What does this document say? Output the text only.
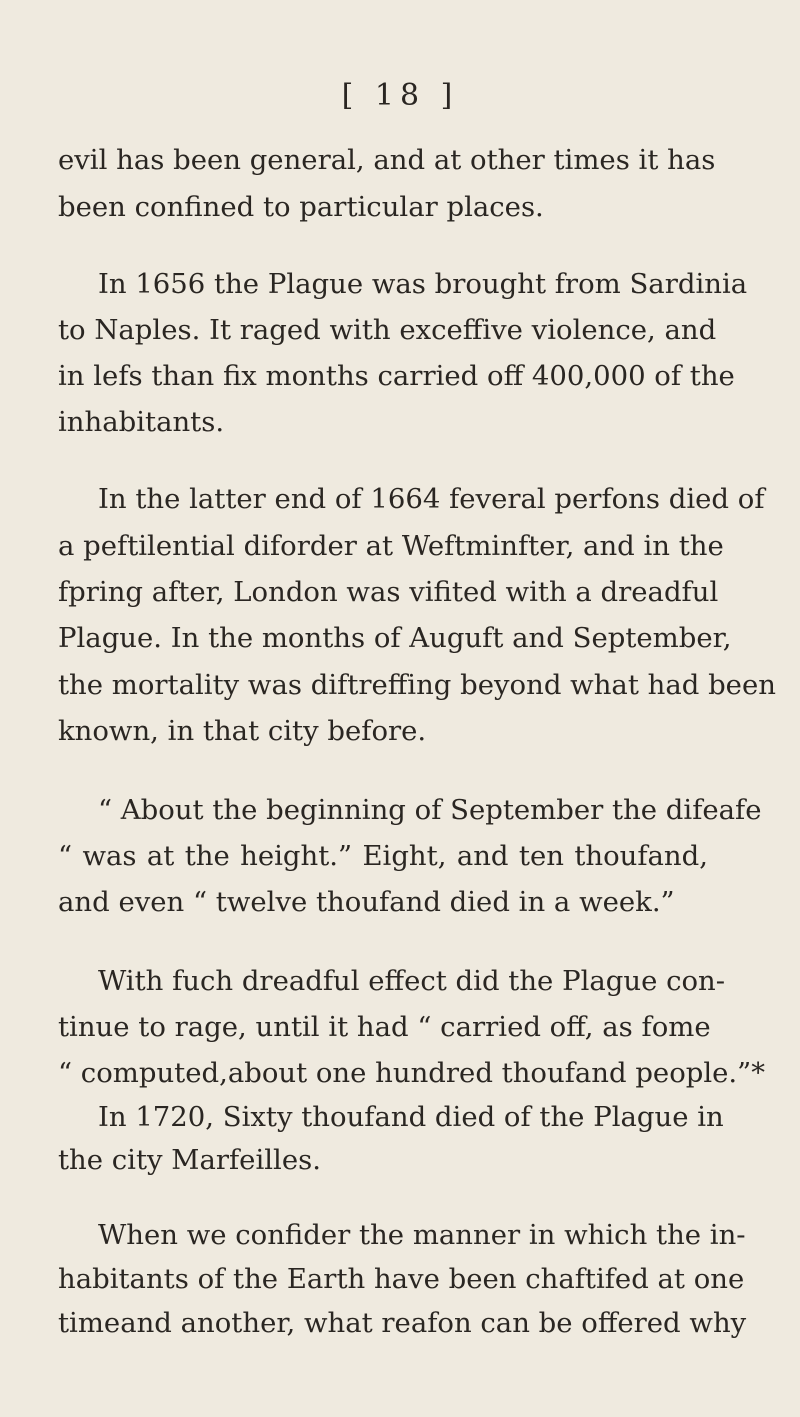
[ 18 ]
evil has been general, and at other times it has
been confined to particular places.
In 1656 the Plague was brought from Sardinia
to Naples. It raged with exceffive violence, and
in lefs than fix months carried off 400,000 of the
inhabitants.
In the latter end of 1664 feveral perfons died of
a peftilential diforder at Weftminfter, and in the
fpring after, London was vifited with a dreadful
Plague. In the months of Auguft and September,
the mortality was diftreffing beyond what had been
known, in that city before.
“ About the beginning of September the difeafe
“ was at the height.” Eight, and ten thoufand,
and even “ twelve thoufand died in a week.”
With fuch dreadful effect did the Plague con-
tinue to rage, until it had “ carried off, as fome
“ computed,about one hundred thoufand people.”*
In 1720, Sixty thoufand died of the Plague in
the city Marfeilles.
When we confider the manner in which the in-
habitants of the Earth have been chaftifed at one
timeand another, what reafon can be offered why
